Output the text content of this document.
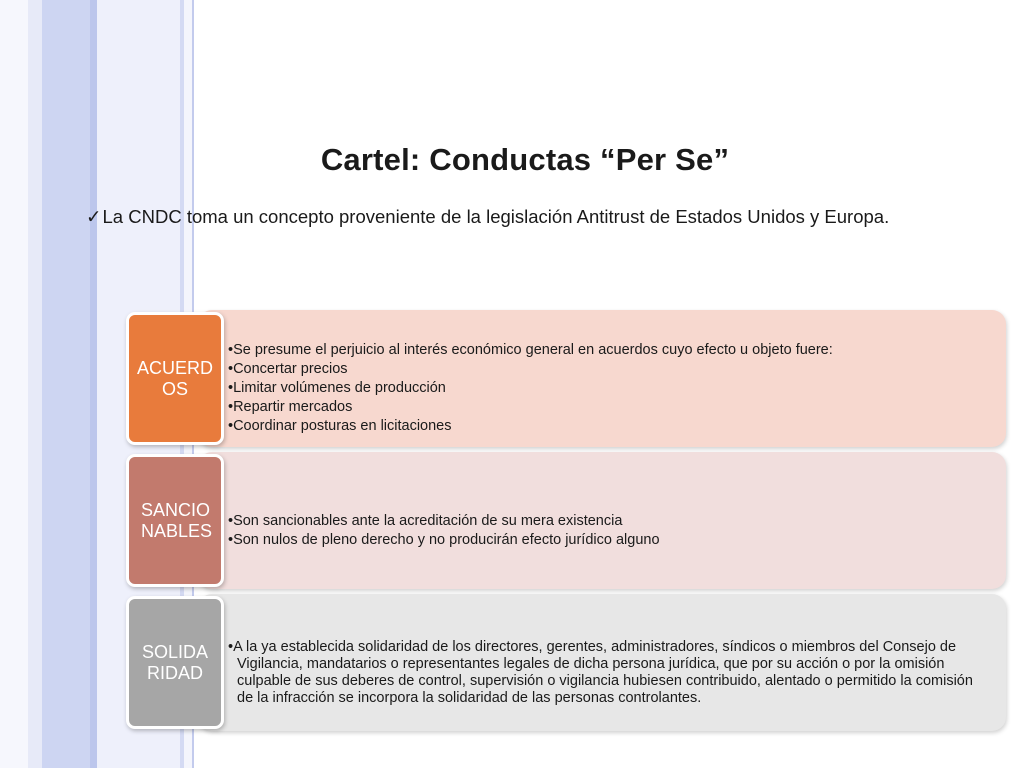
Cartel: Conductas “Per Se”
✓La CNDC toma un concepto proveniente de la legislación Antitrust de Estados Unidos y Europa.

•Se presume el perjuicio al interés económico general en acuerdos cuyo efecto u objeto fuere:

•Concertar precios

•Limitar volúmenes de producción

•Repartir mercados

•Coordinar posturas en licitaciones

ACUERDOS

•Son sancionables ante la acreditación de su mera existencia

•Son nulos de pleno derecho y no producirán efecto jurídico alguno

SANCIONABLES

•A la ya establecida solidaridad de los directores, gerentes, administradores, síndicos o miembros del Consejo de Vigilancia, mandatarios o representantes legales de dicha persona jurídica, que por su acción o por la omisión culpable de sus deberes de control, supervisión o vigilancia hubiesen contribuido, alentado o permitido la comisión de la infracción se incorpora la solidaridad de las personas controlantes.

SOLIDARIDAD
